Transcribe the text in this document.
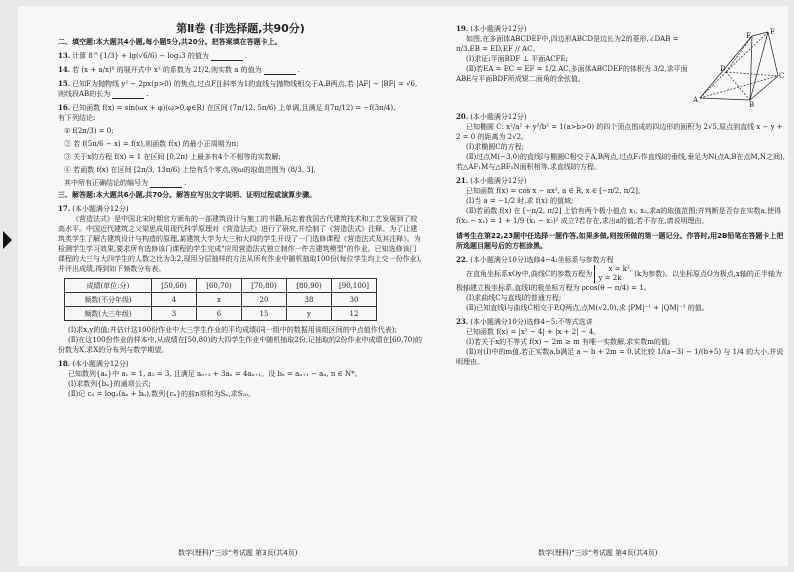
第Ⅱ卷 (非选择题,共90分)
二、填空题:本大题共4小题,每小题5分,共20分。把答案填在答题卡上。
13. 计算 8^{1/3} + lg(√6/6) − log₂3 的值为	.
14. 若 (x + a/x)⁶ 的展开式中 x² 的系数为 21/2,则实数 a 的值为	.
15. 已知F为抛物线 y² − 2px(p>0) 的焦点,过点F且斜率为1的直线与抛物线相交于A,B两点,若 |AF| − |BF| = √6,则线段AB的长为	.
16. 已知函数 f(x) = sin(ωx + φ)(ω>0,φ∈R) 在区间 (7π/12, 5π/6) 上单调,且满足 f(7π/12) = −f(3π/4),
有下列结论:
① f(2π/3) = 0;
② 若 f(5π/6 − x) = f(x),则函数 f(x) 的最小正周期为π;
③ 关于x的方程 f(x) = 1 在区间 [0,2π) 上最多有4个不相等的实数解;
④ 若函数 f(x) 在区间 [2π/3, 13π/6) 上恰有5个零点,则ω的取值范围为 (8/3, 3].
其中所有正确结论的编号为	.
三、解答题:本大题共6小题,共70分。解答应写出文字说明、证明过程或演算步骤。
17. (本小题满分12分)
《营造法式》是中国北宋时期官方颁布的一部建筑设计与施工的书籍,标志着我国古代建筑技术和工艺发展到了较高水平。中国近代建筑之父梁思成用现代科学原理对《营造法式》进行了研究,并绘制了《营造法式》注释。为了让建筑类学生了解古建筑设计与构造的原理,某建筑大学为大三和大四的学生开设了一门选修课程《营造法式及其注释》。为检测学生学习效果,要求所有选修该门课程的学生完成"应用营造法式独立制作一件古建筑模型"的作业。已知选修该门课程的大三与大四学生的人数之比为3:2,现用分层抽样的方法从所有作业中随机抽取100份(每位学生均上交一份作业),并评出成绩,得到如下频数分布表。
成绩(单位:分)	[50,60)	[60,70)	[70,80)	[80,90)	[90,100]
频数(不分年级)	4	x	20	38	30
频数(大三年级)	3	6	15	y	12
(Ⅰ)求x,y的值;并估计这100份作业中大三学生作业的平均成绩(同一组中的数据用该组区间的中点值作代表);
(Ⅱ)在这100份作业的样本中,从成绩在[50,80)的大四学生作业中随机抽取2份,记抽取的2份作业中成绩在[60,70)的份数为X,求X的分布列与数学期望。
18. (本小题满分12分)
已知数列{aₙ}中 a₁ = 1, a₂ = 3, 且满足 aₙ₊₂ + 3aₙ = 4aₙ₊₁。设 bₙ = aₙ₊₁ − aₙ, n ∈ N*。
(Ⅰ)求数列{bₙ}的通项公式;
(Ⅱ)记 cₙ = log₃(aₙ + bₙ),数列{cₙ}的前n项和为Sₙ,求S₂₀。
数学(理科)"三诊"考试题 第3页(共4页)
19. (本小题满分12分)
如图,在多面体ABCDEF中,四边形ABCD是边长为2的菱形,∠DAB = π/3,EB = ED,EF // AC。
(Ⅰ)求证:平面BDF ⊥ 平面ACFE;
(Ⅱ)若EA = EC = EF = 1/2 AC,多面体ABCDEF的体积为 3/2,求平面ABE与平面BDF所成锐二面角的余弦值。
E	F
D
C
A
B
20. (本小题满分12分)
已知椭圆 C: x²/a² + y²/b² = 1(a>b>0) 的四个顶点围成的四边形的面积为 2√5,原点到直线 x − y + 2 = 0 的距离为 2√2。
(Ⅰ)求椭圆C的方程;
(Ⅱ)过点M(−3,0)的直线l与椭圆C相交于A,B两点,过点F₁作直线l的垂线,垂足为N(点A,B在点M,N之间),若△AF₁M与△BF₁N面积相等,求直线l的方程。
21. (本小题满分12分)
已知函数 f(x) = cos x − ax², a ∈ R, x ∈ [−π/2, π/2]。
(Ⅰ)当 a = −1/2 时,求 f(x) 的值域;
(Ⅱ)若函数 f(x) 在 [−π/2, π/2] 上恰有两个极小值点 x₁, x₂,求a的取值范围;并判断是否存在实数a,使得 f(x₂ − x₁) = 1 + 1/9 (x₁ − x₂)² 成立?若存在,求出a的值;若不存在,请说明理由。
请考生在第22,23题中任选择一题作答,如果多做,则按所做的第一题记分。作答时,用2B铅笔在答题卡上把所选题目题号后的方框涂黑。
22. (本小题满分10分)选修4−4:坐标系与参数方程
在直角坐标系xOy中,曲线C的参数方程为 x = k²,
y = 2k (k为参数)。以坐标原点O为极点,x轴的正半轴为极轴建立极坐标系,直线l的极坐标方程为 ρcos(θ − π/4) = 1。
(Ⅰ)求曲线C与直线l的普通方程;
(Ⅱ)已知直线l与曲线C相交于P,Q两点,点M(√2,0),求 |PM|⁻¹ + |QM|⁻¹ 的值。
23. (本小题满分10分)选修4−5:不等式选讲
已知函数 f(x) = |x² − 4| + |x + 2| − 4。
(Ⅰ)若关于x的不等式 f(x) − 2m ≥ m 有唯一实数解,求实数m的值;
(Ⅱ)对(Ⅰ)中的m值,若正实数a,b满足 a − b + 2m = 0,试比较 1/(a−3) − 1/(b+5) 与 1/4 的大小,并说明理由。
数学(理科)"三诊"考试题 第4页(共4页)
